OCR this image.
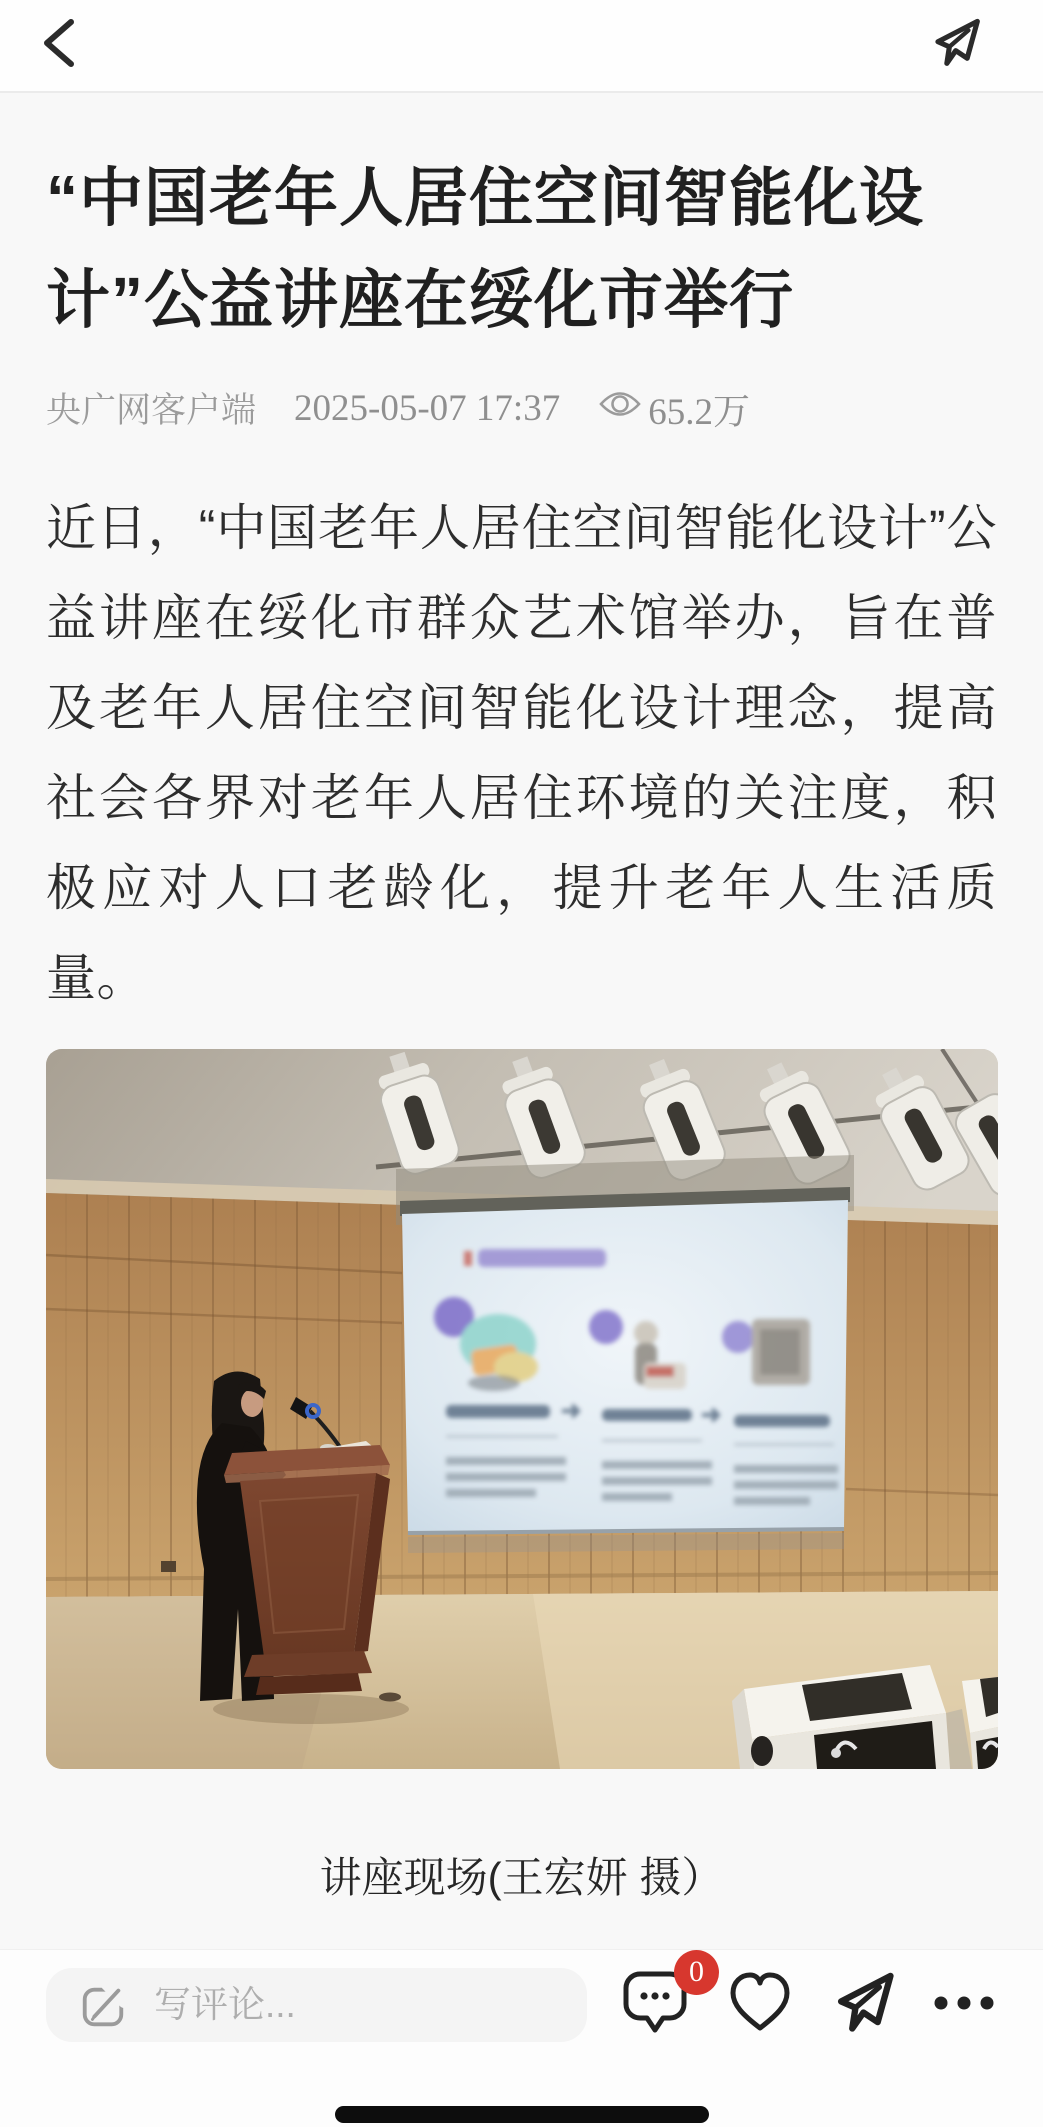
“中国老年人居住空间智能化设计”公益讲座在绥化市举行
央广网客户端 2025-05-07 17:37 65.2万

近日，“中国老年人居住空间智能化设计”公益讲座在绥化市群众艺术馆举办，旨在普及老年人居住空间智能化设计理念，提高社会各界对老年人居住环境的关注度，积极应对人口老龄化，提升老年人生活质量。

讲座现场(王宏妍 摄）
写评论...
0
